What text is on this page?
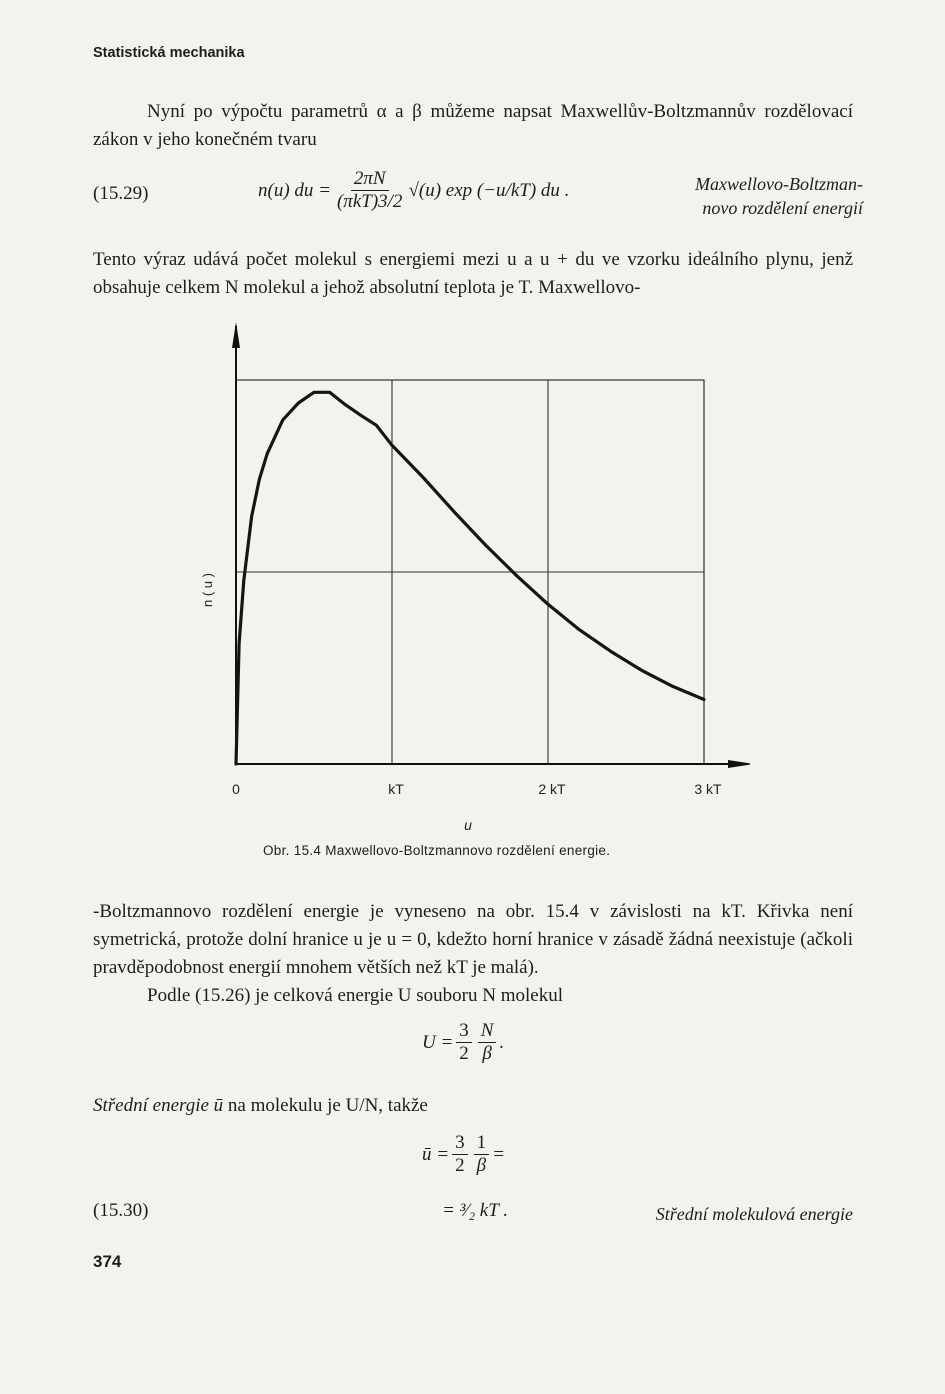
Statistická mechanika
Nyní po výpočtu parametrů α a β můžeme napsat Maxwellův-Boltzmannův rozdělovací zákon v jeho konečném tvaru
(15.29)	n(u) du = $\frac{2\pi N}{\text{(πkT)3/2}} √(u)$ exp (−u/kT) du .	Maxwellovo-Boltzman-
novo rozdělení energií
Tento výraz udává počet molekul s energiemi mezi u a u + du ve vzorku ideálního plynu, jenž obsahuje celkem N molekul a jehož absolutní teplota je T. Maxwellovo-
0	kT	2 kT	3 kT
u
n ( u )
Obr. 15.4 Maxwellovo-Boltzmannovo rozdělení energie.
-Boltzmannovo rozdělení energie je vyneseno na obr. 15.4 v závislosti na kT. Křivka není symetrická, protože dolní hranice u je u = 0, kdežto horní hranice v zásadě žádná neexistuje (ačkoli pravděpodobnost energií mnohem větších než kT je malá).
Podle (15.26) je celková energie U souboru N molekul
$U = \frac{3}{2} \frac{N}{\beta}$ .
Střední energie ū na molekulu je U/N, takže
ū = $\frac{3}{2} \frac{1}{\beta}$ =
(15.30)	= ³⁄₂ kT .	Střední molekulová energie
374
